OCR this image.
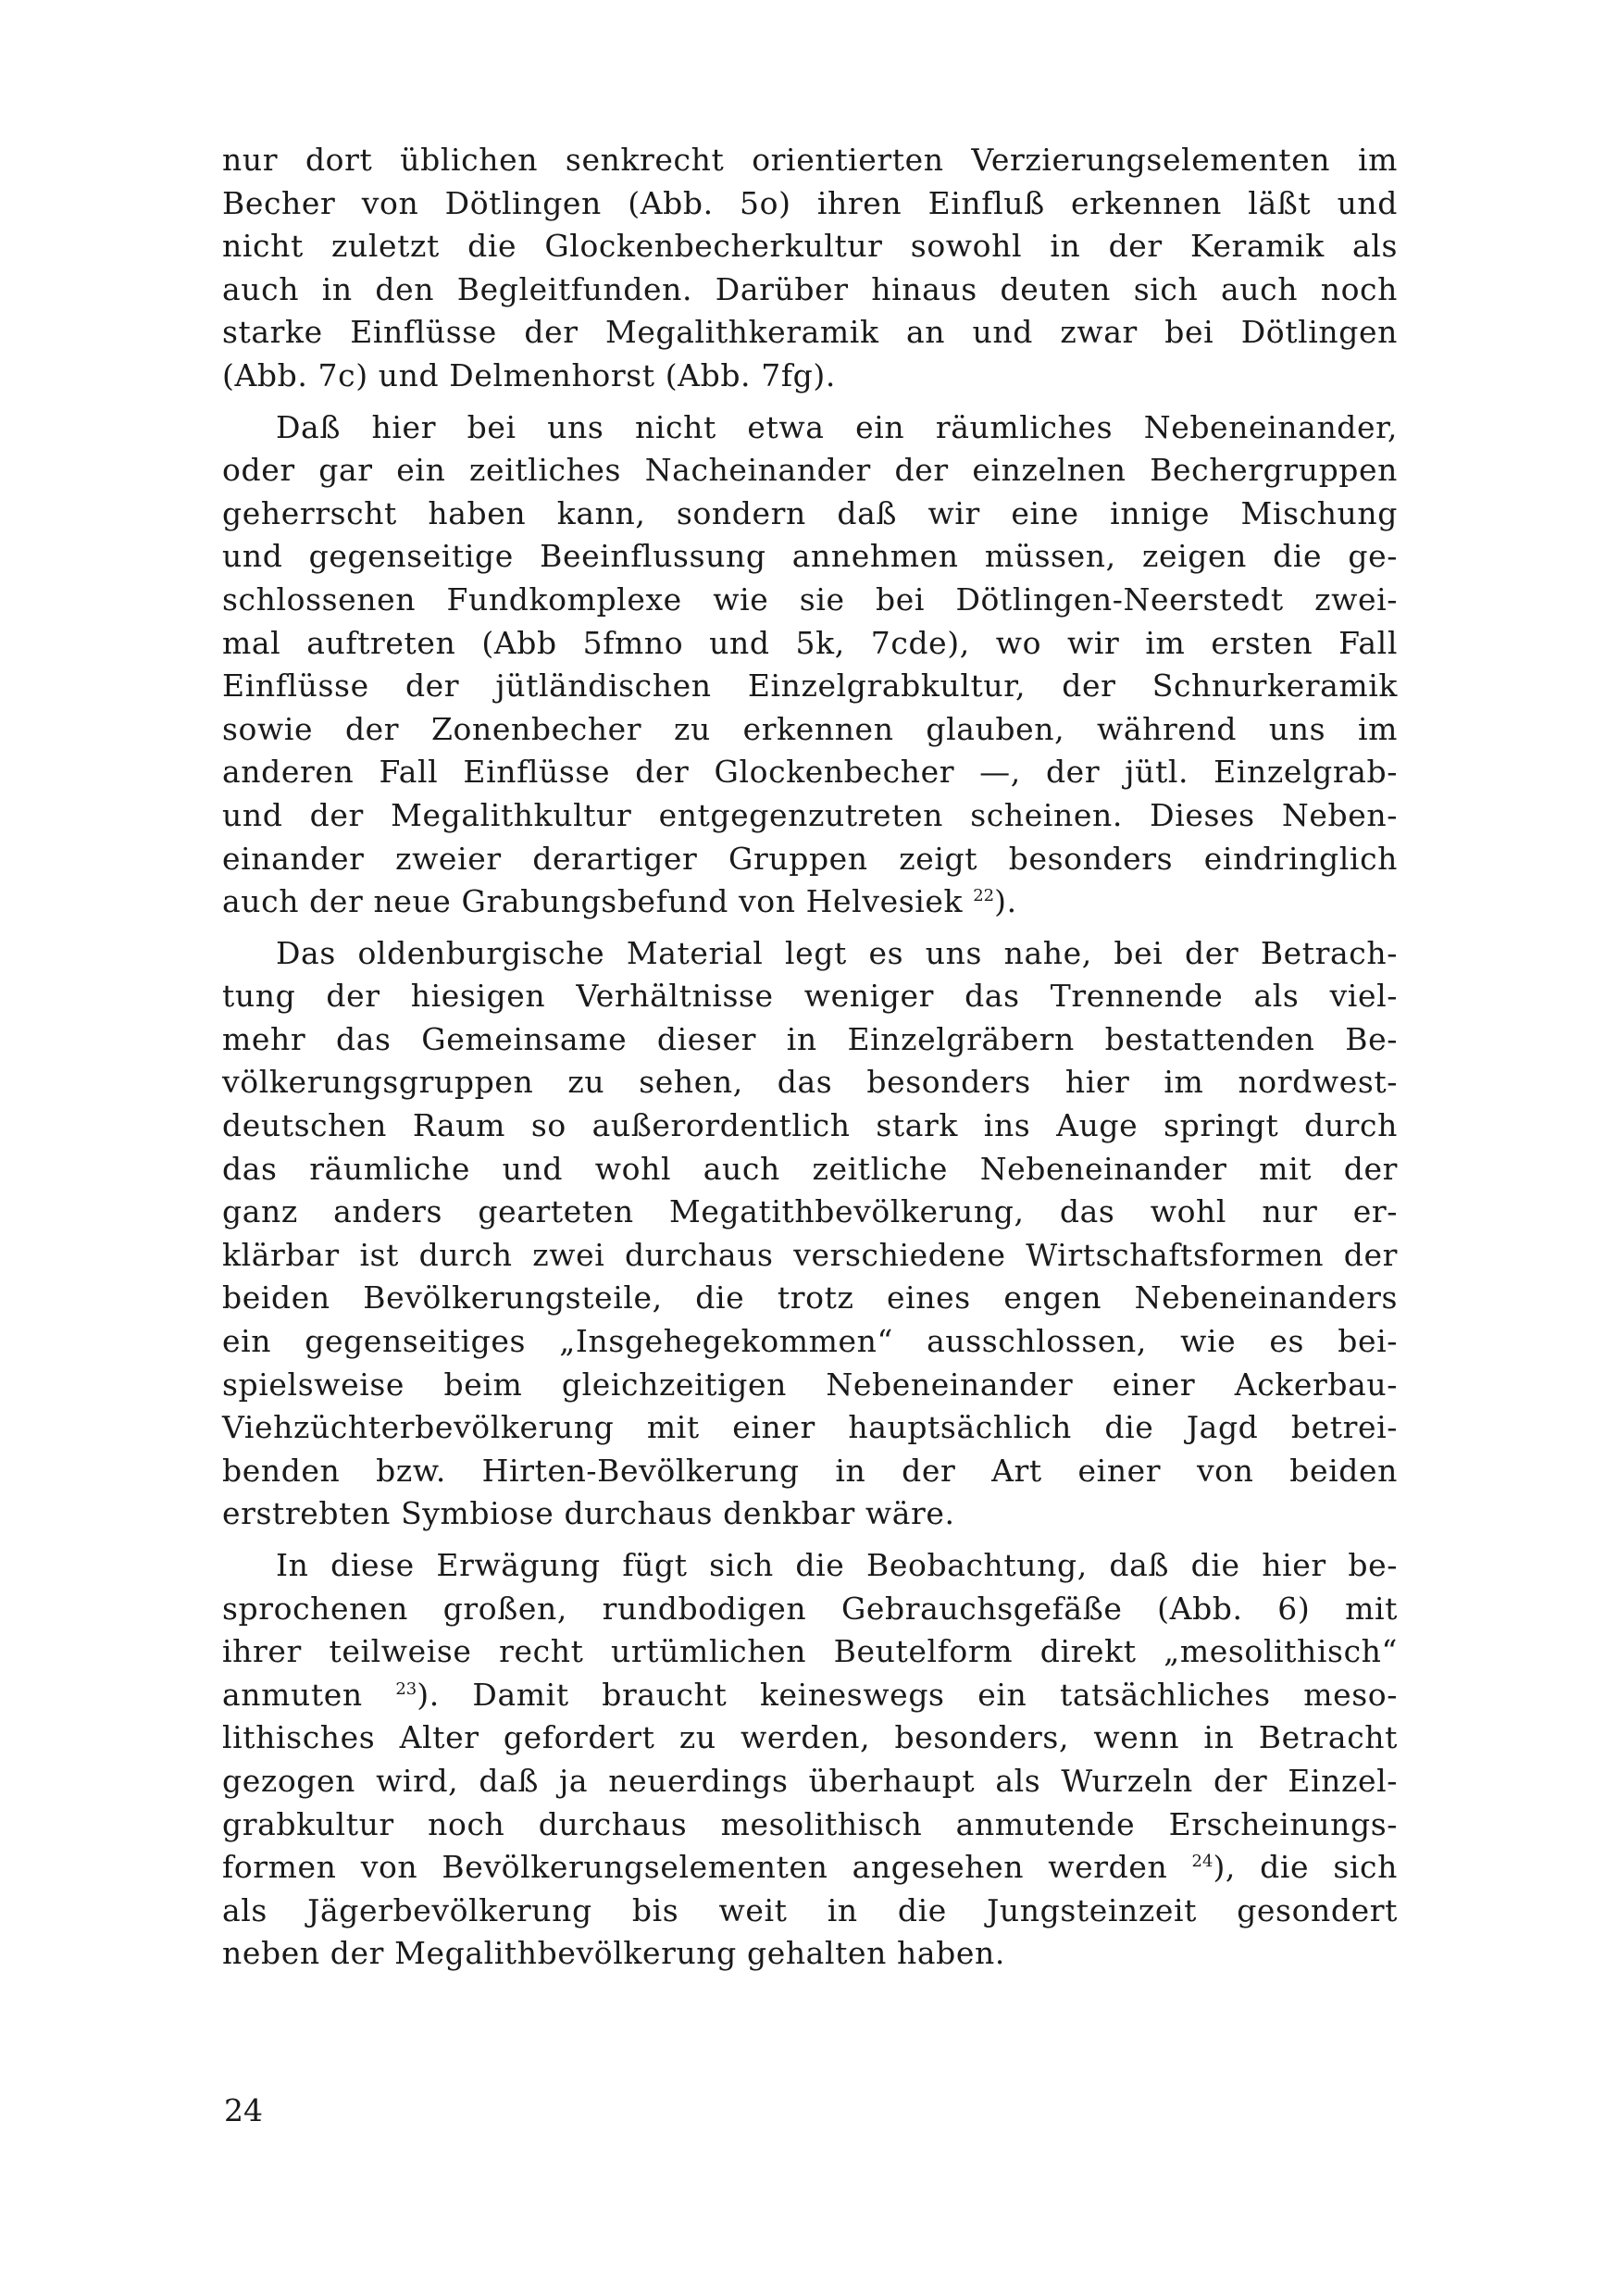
nur dort üblichen senkrecht orientierten Verzierungselementen im
Becher von Dötlingen (Abb. 5o) ihren Einfluß erkennen läßt und
nicht zuletzt die Glockenbecherkultur sowohl in der Keramik als
auch in den Begleitfunden. Darüber hinaus deuten sich auch noch
starke Einflüsse der Megalithkeramik an und zwar bei Dötlingen
(Abb. 7c) und Delmenhorst (Abb. 7fg).

Daß hier bei uns nicht etwa ein räumliches Nebeneinander,
oder gar ein zeitliches Nacheinander der einzelnen Bechergruppen
geherrscht haben kann, sondern daß wir eine innige Mischung
und gegenseitige Beeinflussung annehmen müssen, zeigen die ge-
schlossenen Fundkomplexe wie sie bei Dötlingen-Neerstedt zwei-
mal auftreten (Abb 5fmno und 5k, 7cde), wo wir im ersten Fall
Einflüsse der jütländischen Einzelgrabkultur, der Schnurkeramik
sowie der Zonenbecher zu erkennen glauben, während uns im
anderen Fall Einflüsse der Glockenbecher —, der jütl. Einzelgrab-
und der Megalithkultur entgegenzutreten scheinen. Dieses Neben-
einander zweier derartiger Gruppen zeigt besonders eindringlich
auch der neue Grabungsbefund von Helvesiek $^{22}$).

Das oldenburgische Material legt es uns nahe, bei der Betrach-
tung der hiesigen Verhältnisse weniger das Trennende als viel-
mehr das Gemeinsame dieser in Einzelgräbern bestattenden Be-
völkerungsgruppen zu sehen, das besonders hier im nordwest-
deutschen Raum so außerordentlich stark ins Auge springt durch
das räumliche und wohl auch zeitliche Nebeneinander mit der
ganz anders gearteten Megatithbevölkerung, das wohl nur er-
klärbar ist durch zwei durchaus verschiedene Wirtschaftsformen der
beiden Bevölkerungsteile, die trotz eines engen Nebeneinanders
ein gegenseitiges „Insgehegekommen“ ausschlossen, wie es bei-
spielsweise beim gleichzeitigen Nebeneinander einer Ackerbau-
Viehzüchterbevölkerung mit einer hauptsächlich die Jagd betrei-
benden bzw. Hirten-Bevölkerung in der Art einer von beiden
erstrebten Symbiose durchaus denkbar wäre.

In diese Erwägung fügt sich die Beobachtung, daß die hier be-
sprochenen großen, rundbodigen Gebrauchsgefäße (Abb. 6) mit
ihrer teilweise recht urtümlichen Beutelform direkt „mesolithisch“
anmuten $^{23}$). Damit braucht keineswegs ein tatsächliches meso-
lithisches Alter gefordert zu werden, besonders, wenn in Betracht
gezogen wird, daß ja neuerdings überhaupt als Wurzeln der Einzel-
grabkultur noch durchaus mesolithisch anmutende Erscheinungs-
formen von Bevölkerungselementen angesehen werden $^{24}$), die sich
als Jägerbevölkerung bis weit in die Jungsteinzeit gesondert
neben der Megalithbevölkerung gehalten haben.

24
